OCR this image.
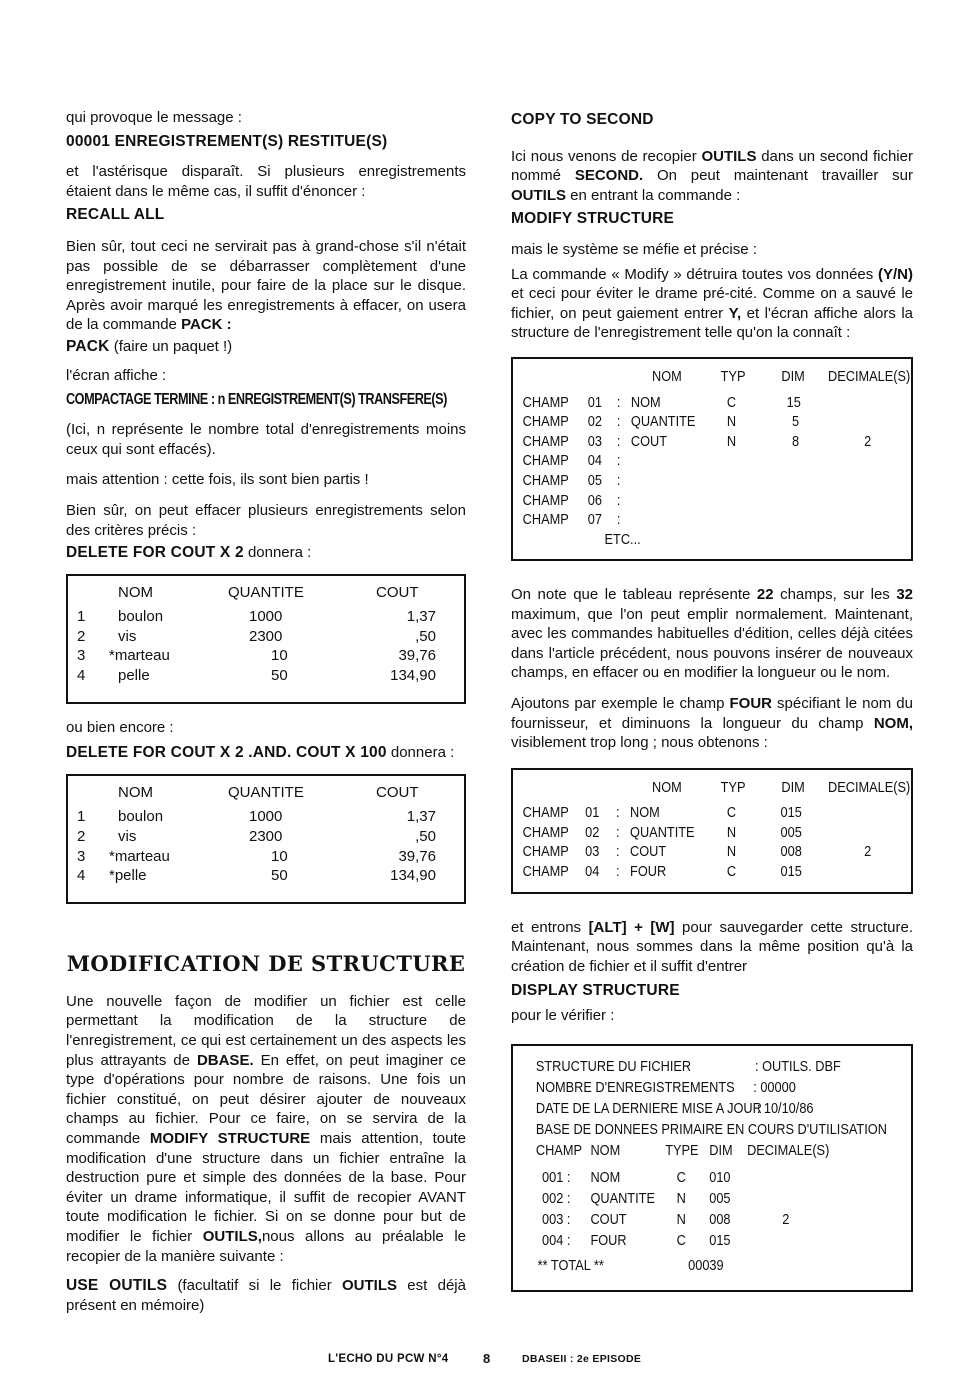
qui provoque le message :

00001 ENREGISTREMENT(S) RESTITUE(S)

et l'astérisque disparaît. Si plusieurs enregistrements étaient dans le même cas, il suffit d'énoncer :

RECALL ALL

Bien sûr, tout ceci ne servirait pas à grand-chose s'il n'était pas possible de se débarrasser complètement d'une enregistrement inutile, pour faire de la place sur le disque. Après avoir marqué les enregistrements à effacer, on usera de la commande PACK :

PACK (faire un paquet !)

l'écran affiche :

COMPACTAGE TERMINE : n ENREGISTREMENT(S) TRANSFERE(S)

(Ici, n représente le nombre total d'enregistrements moins ceux qui sont effacés).

mais attention : cette fois, ils sont bien partis !

Bien sûr, on peut effacer plusieurs enregistrements selon des critères précis :

DELETE FOR COUT X 2 donnera :

NOM	QUANTITE	COUT
1 boulon	1000	1,37
2 vis	2300	,50
3 *marteau	10	39,76
4 pelle	50	134,90

ou bien encore :

DELETE FOR COUT X 2 .AND. COUT X 100 donnera :

NOM	QUANTITE	COUT
1 boulon	1000	1,37
2 vis	2300	,50
3 *marteau	10	39,76
4 *pelle	50	134,90
MODIFICATION DE STRUCTURE

Une nouvelle façon de modifier un fichier est celle permettant la modification de la structure de l'enregistrement, ce qui est certainement un des aspects les plus attrayants de DBASE. En effet, on peut imaginer ce type d'opérations pour nombre de raisons. Une fois un fichier constitué, on peut désirer ajouter de nouveaux champs au fichier. Pour ce faire, on se servira de la commande MODIFY STRUCTURE mais attention, toute modification d'une structure dans un fichier entraîne la destruction pure et simple des données de la base. Pour éviter un drame informatique, il suffit de recopier AVANT toute modification le fichier. Si on se donne pour but de modifier le fichier OUTILS,nous allons au préalable le recopier de la manière suivante :

USE OUTILS (facultatif si le fichier OUTILS est déjà présent en mémoire)

COPY TO SECOND

Ici nous venons de recopier OUTILS dans un second fichier nommé SECOND. On peut maintenant travailler sur OUTILS en entrant la commande :

MODIFY STRUCTURE

mais le système se méfie et précise :

La commande « Modify » détruira toutes vos données (Y/N) et ceci pour éviter le drame pré-cité. Comme on a sauvé le fichier, on peut gaiement entrer Y, et l'écran affiche alors la structure de l'enregistrement telle qu'on la connaît :

NOM	TYP DIM DECIMALE(S)
CHAMP 01 : NOM	C	15
CHAMP 02 : QUANTITE N	5
CHAMP 03 : COUT	N	8	2
CHAMP 04 :
CHAMP 05 :
CHAMP 06 :
CHAMP 07 :
ETC...

On note que le tableau représente 22 champs, sur les 32 maximum, que l'on peut emplir normalement. Maintenant, avec les commandes habituelles d'édition, celles déjà citées dans l'article précédent, nous pouvons insérer de nouveaux champs, en effacer ou en modifier la longueur ou le nom.

Ajoutons par exemple le champ FOUR spécifiant le nom du fournisseur, et diminuons la longueur du champ NOM, visiblement trop long ; nous obtenons :

NOM	TYP DIM DECIMALE(S)
CHAMP 01 : NOM	C	015
CHAMP 02 : QUANTITE N	005
CHAMP 03 : COUT	N	008	2
CHAMP 04 : FOUR	C	015

et entrons [ALT] + [W] pour sauvegarder cette structure. Maintenant, nous sommes dans la même position qu'à la création de fichier et il suffit d'entrer

DISPLAY STRUCTURE

pour le vérifier :

STRUCTURE DU FICHIER	: OUTILS. DBF
NOMBRE D'ENREGISTREMENTS : 00000
DATE DE LA DERNIERE MISE A JOUR
: 10/10/86
BASE DE DONNEES PRIMAIRE EN COURS D'UTILISATION
CHAMP NOM	TYPE DIM DECIMALE(S)
001 : NOM	C 010
002 : QUANTITE N 005
003 : COUT	N 008	2
004 : FOUR	C 015
** TOTAL **	00039
L'ECHO DU PCW N°4	8	DBASEII : 2e EPISODE
